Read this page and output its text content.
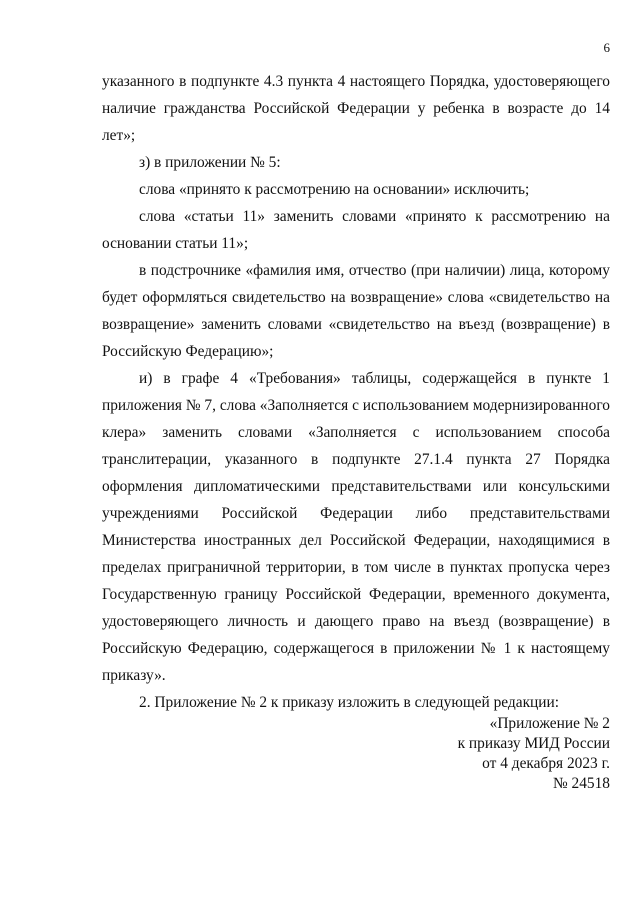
6

указанного в подпункте 4.3 пункта 4 настоящего Порядка, удостоверяющего наличие гражданства Российской Федерации у ребенка в возрасте до 14 лет»;

з) в приложении № 5:

слова «принято к рассмотрению на основании» исключить;

слова «статьи 11» заменить словами «принято к рассмотрению на основании статьи 11»;

в подстрочнике «фамилия имя, отчество (при наличии) лица, которому будет оформляться свидетельство на возвращение» слова «свидетельство на возвращение» заменить словами «свидетельство на въезд (возвращение) в Российскую Федерацию»;

и) в графе 4 «Требования» таблицы, содержащейся в пункте 1 приложения № 7, слова «Заполняется с использованием модернизированного клера» заменить словами «Заполняется с использованием способа транслитерации, указанного в подпункте 27.1.4 пункта 27 Порядка оформления дипломатическими представительствами или консульскими учреждениями Российской Федерации либо представительствами Министерства иностранных дел Российской Федерации, находящимися в пределах приграничной территории, в том числе в пунктах пропуска через Государственную границу Российской Федерации, временного документа, удостоверяющего личность и дающего право на въезд (возвращение) в Российскую Федерацию, содержащегося в приложении № 1 к настоящему приказу».

2. Приложение № 2 к приказу изложить в следующей редакции:

«Приложение № 2
к приказу МИД России
от 4 декабря 2023 г.
№ 24518
